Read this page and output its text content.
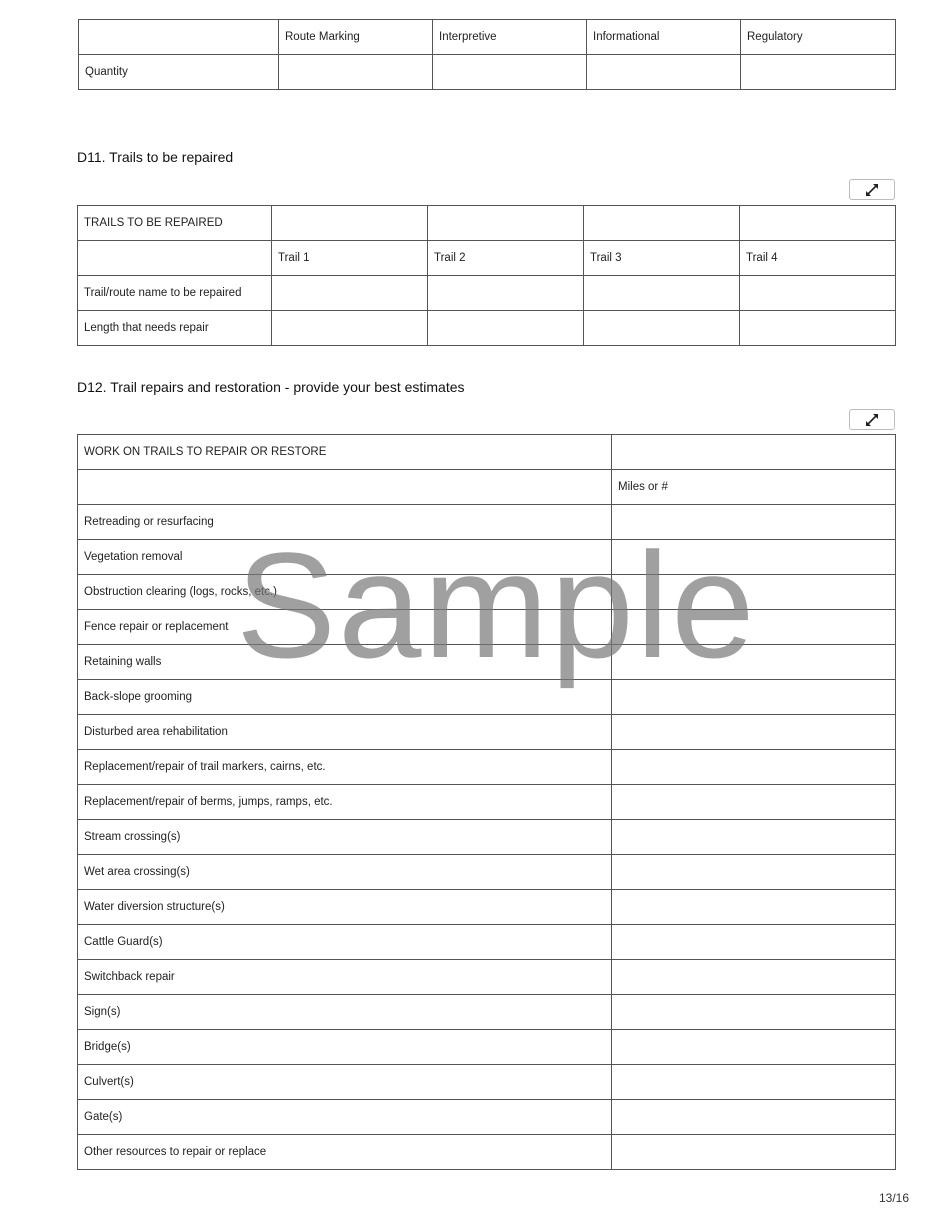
	Route Marking	Interpretive	Informational	Regulatory
Quantity				
D11. Trails to be repaired
TRAILS TO BE REPAIRED				
	Trail 1	Trail 2	Trail 3	Trail 4
Trail/route name to be repaired				
Length that needs repair				
D12. Trail repairs and restoration - provide your best estimates
WORK ON TRAILS TO REPAIR OR RESTORE	
	Miles or #
Retreading or resurfacing	
Vegetation removal	
Obstruction clearing (logs, rocks, etc.)	
Fence repair or replacement	
Retaining walls	
Back-slope grooming	
Disturbed area rehabilitation	
Replacement/repair of trail markers, cairns, etc.	
Replacement/repair of berms, jumps, ramps, etc.	
Stream crossing(s)	
Wet area crossing(s)	
Water diversion structure(s)	
Cattle Guard(s)	
Switchback repair	
Sign(s)	
Bridge(s)	
Culvert(s)	
Gate(s)	
Other resources to repair or replace	
Sample
13/16
